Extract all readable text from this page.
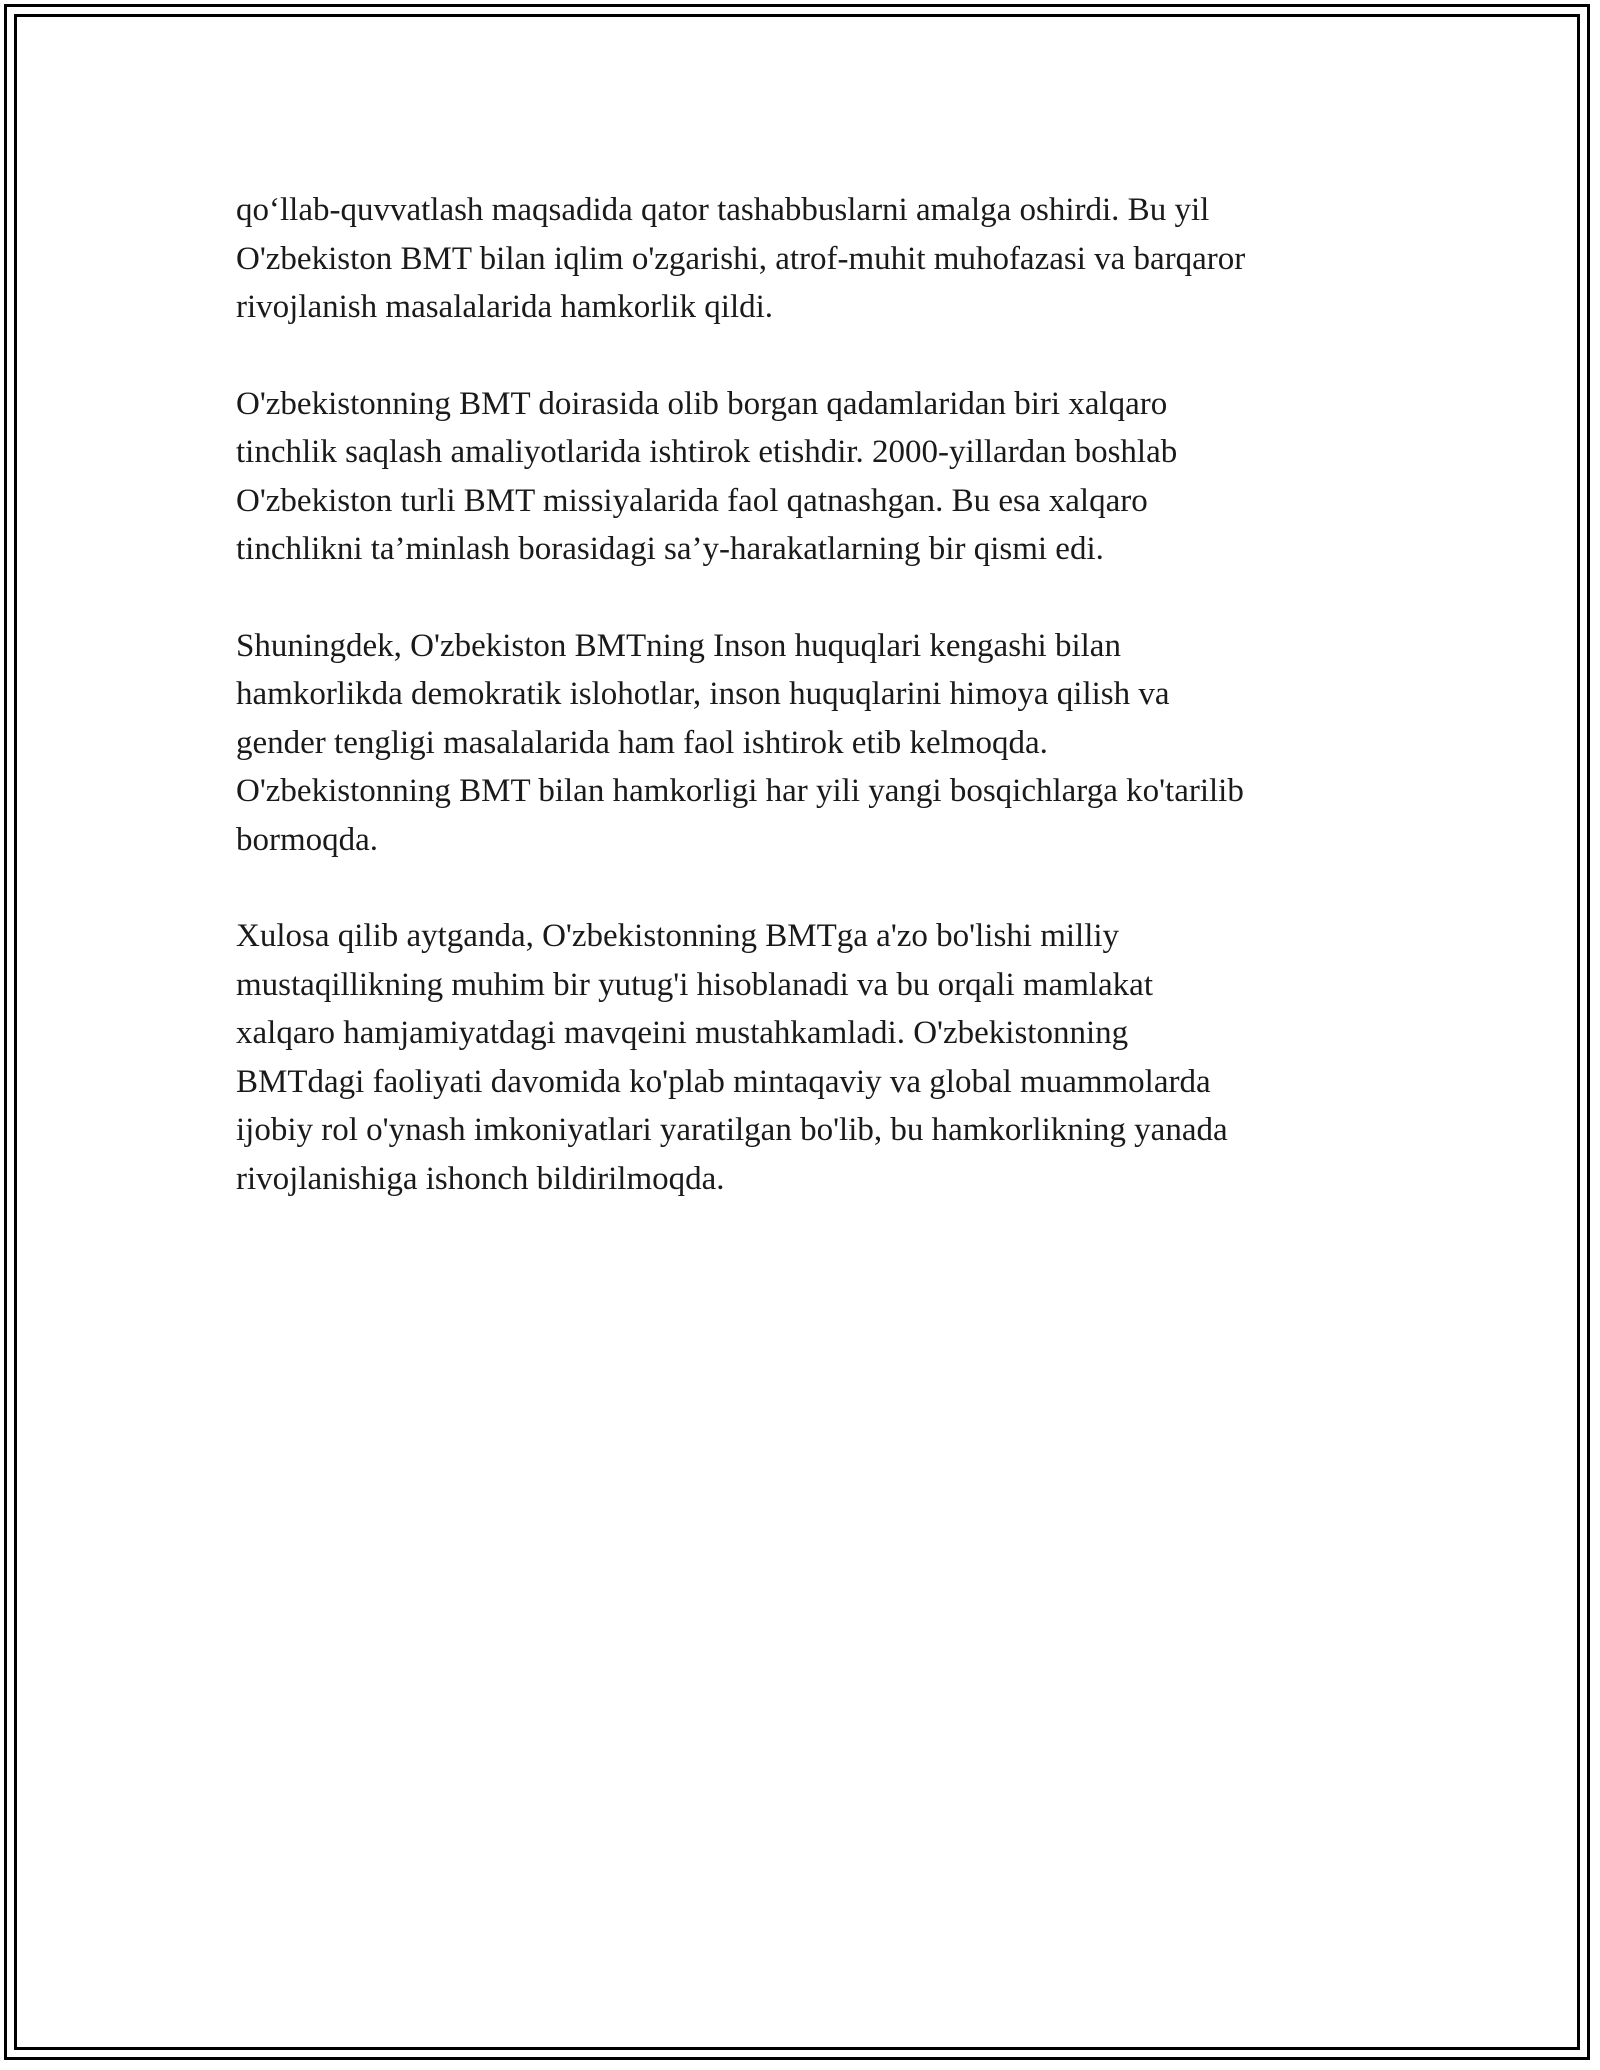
qo‘llab-quvvatlash maqsadida qator tashabbuslarni amalga oshirdi. Bu yil
O'zbekiston BMT bilan iqlim o'zgarishi, atrof-muhit muhofazasi va barqaror
rivojlanish masalalarida hamkorlik qildi.

O'zbekistonning BMT doirasida olib borgan qadamlaridan biri xalqaro
tinchlik saqlash amaliyotlarida ishtirok etishdir. 2000-yillardan boshlab
O'zbekiston turli BMT missiyalarida faol qatnashgan. Bu esa xalqaro
tinchlikni ta’minlash borasidagi sa’y-harakatlarning bir qismi edi.

Shuningdek, O'zbekiston BMTning Inson huquqlari kengashi bilan
hamkorlikda demokratik islohotlar, inson huquqlarini himoya qilish va
gender tengligi masalalarida ham faol ishtirok etib kelmoqda.
O'zbekistonning BMT bilan hamkorligi har yili yangi bosqichlarga ko'tarilib
bormoqda.

Xulosa qilib aytganda, O'zbekistonning BMTga a'zo bo'lishi milliy
mustaqillikning muhim bir yutug'i hisoblanadi va bu orqali mamlakat
xalqaro hamjamiyatdagi mavqeini mustahkamladi. O'zbekistonning
BMTdagi faoliyati davomida ko'plab mintaqaviy va global muammolarda
ijobiy rol o'ynash imkoniyatlari yaratilgan bo'lib, bu hamkorlikning yanada
rivojlanishiga ishonch bildirilmoqda.
